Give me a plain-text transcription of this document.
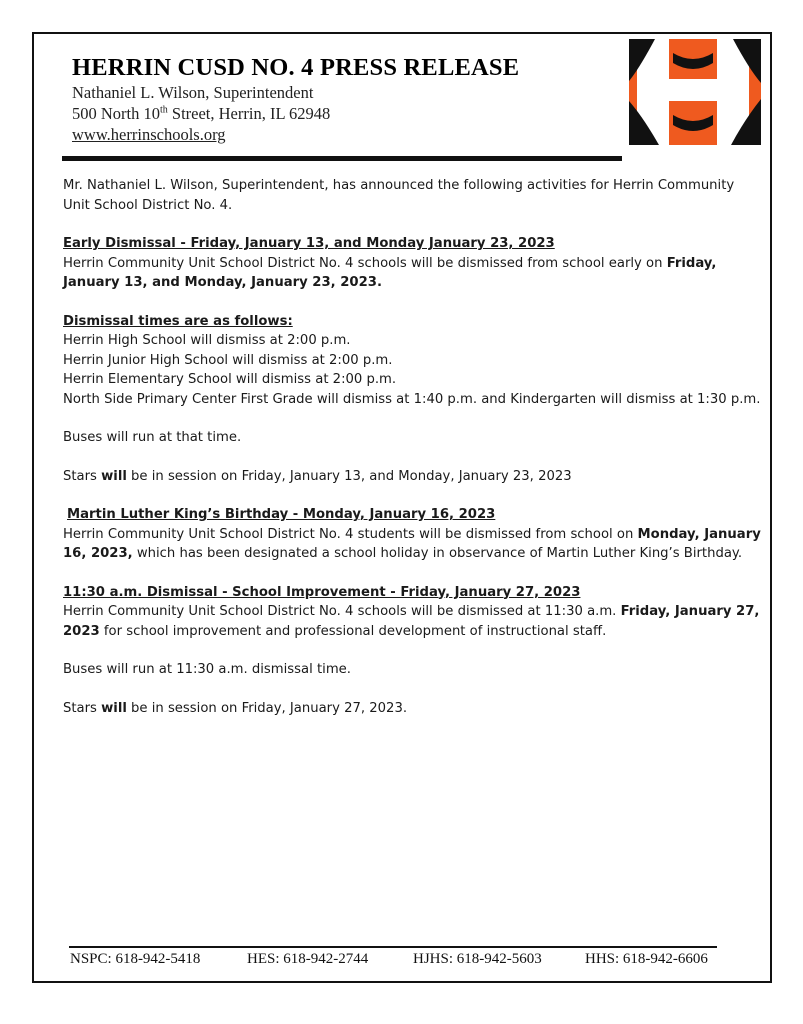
HERRIN CUSD NO. 4 PRESS RELEASE
Nathaniel L. Wilson, Superintendent
500 North 10th Street, Herrin, IL 62948
www.herrinschools.org

Mr. Nathaniel L. Wilson, Superintendent, has announced the following activities for Herrin Community Unit School District No. 4.

Early Dismissal - Friday, January 13, and Monday January 23, 2023

Herrin Community Unit School District No. 4 schools will be dismissed from school early on Friday, January 13, and Monday, January 23, 2023.

Dismissal times are as follows:

Herrin High School will dismiss at 2:00 p.m.

Herrin Junior High School will dismiss at 2:00 p.m.

Herrin Elementary School will dismiss at 2:00 p.m.

North Side Primary Center First Grade will dismiss at 1:40 p.m. and Kindergarten will dismiss at 1:30 p.m.

Buses will run at that time.

Stars will be in session on Friday, January 13, and Monday, January 23, 2023

Martin Luther King’s Birthday - Monday, January 16, 2023

Herrin Community Unit School District No. 4 students will be dismissed from school on Monday, January 16, 2023, which has been designated a school holiday in observance of Martin Luther King’s Birthday.

11:30 a.m. Dismissal - School Improvement - Friday, January 27, 2023

Herrin Community Unit School District No. 4 schools will be dismissed at 11:30 a.m. Friday, January 27, 2023 for school improvement and professional development of instructional staff.

Buses will run at 11:30 a.m. dismissal time.

Stars will be in session on Friday, January 27, 2023.

NSPC: 618-942-5418	HES: 618-942-2744	HJHS: 618-942-5603	HHS: 618-942-6606
